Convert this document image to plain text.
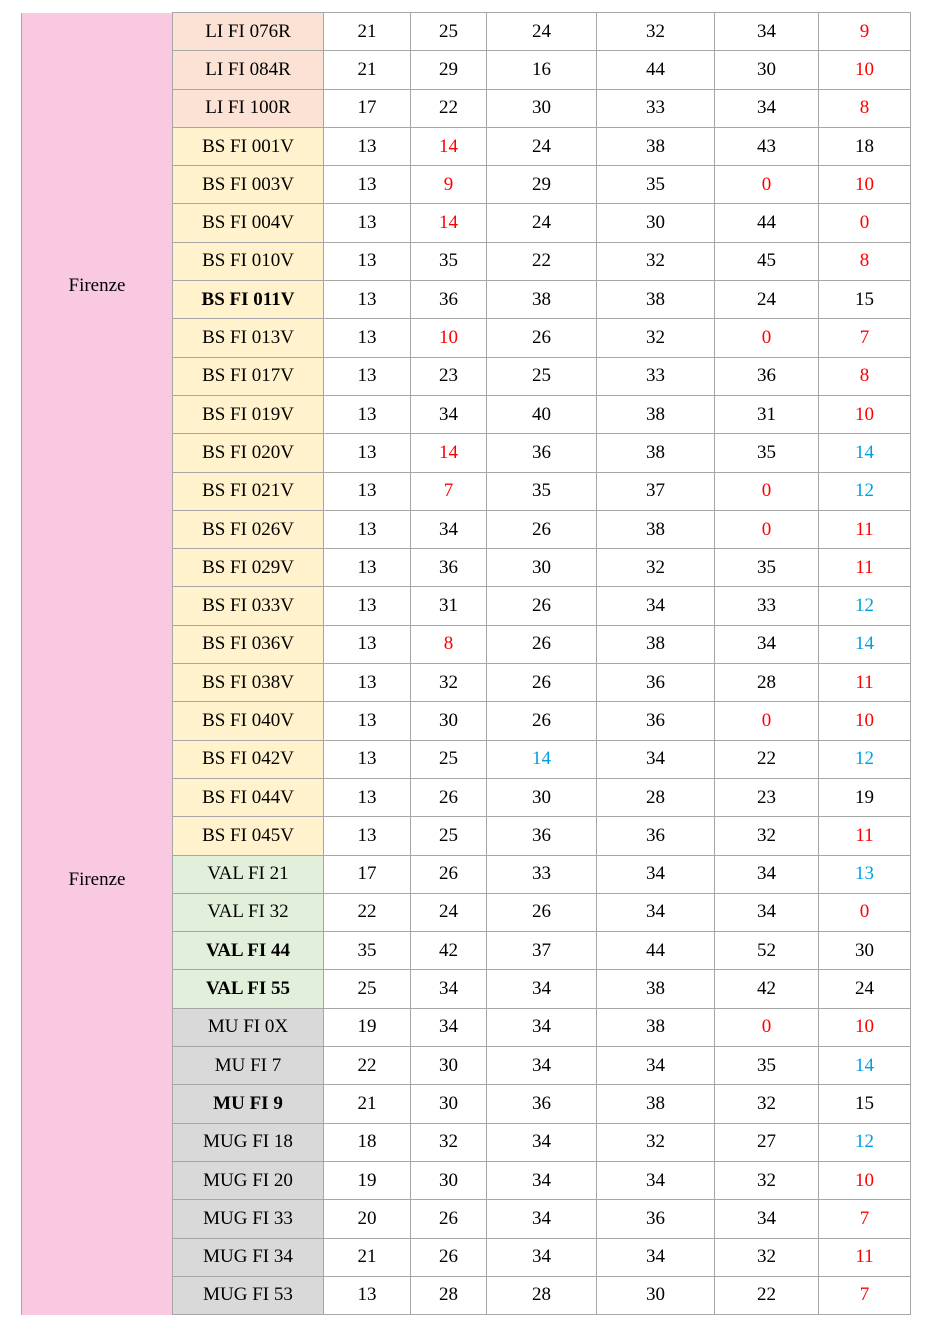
Firenze
Firenze	LI FI 076R	21	25	24	32	34	9
	LI FI 084R	21	29	16	44	30	10
	LI FI 100R	17	22	30	33	34	8
	BS FI 001V	13	14	24	38	43	18
	BS FI 003V	13	9	29	35	0	10
	BS FI 004V	13	14	24	30	44	0
	BS FI 010V	13	35	22	32	45	8
	BS FI 011V	13	36	38	38	24	15
	BS FI 013V	13	10	26	32	0	7
	BS FI 017V	13	23	25	33	36	8
	BS FI 019V	13	34	40	38	31	10
	BS FI 020V	13	14	36	38	35	14
	BS FI 021V	13	7	35	37	0	12
	BS FI 026V	13	34	26	38	0	11
	BS FI 029V	13	36	30	32	35	11
	BS FI 033V	13	31	26	34	33	12
	BS FI 036V	13	8	26	38	34	14
	BS FI 038V	13	32	26	36	28	11
	BS FI 040V	13	30	26	36	0	10
	BS FI 042V	13	25	14	34	22	12
	BS FI 044V	13	26	30	28	23	19
	BS FI 045V	13	25	36	36	32	11
	VAL FI 21	17	26	33	34	34	13
	VAL FI 32	22	24	26	34	34	0
	VAL FI 44	35	42	37	44	52	30
	VAL FI 55	25	34	34	38	42	24
	MU FI 0X	19	34	34	38	0	10
	MU FI 7	22	30	34	34	35	14
	MU FI 9	21	30	36	38	32	15
	MUG FI 18	18	32	34	32	27	12
	MUG FI 20	19	30	34	34	32	10
	MUG FI 33	20	26	34	36	34	7
	MUG FI 34	21	26	34	34	32	11
	MUG FI 53	13	28	28	30	22	7
